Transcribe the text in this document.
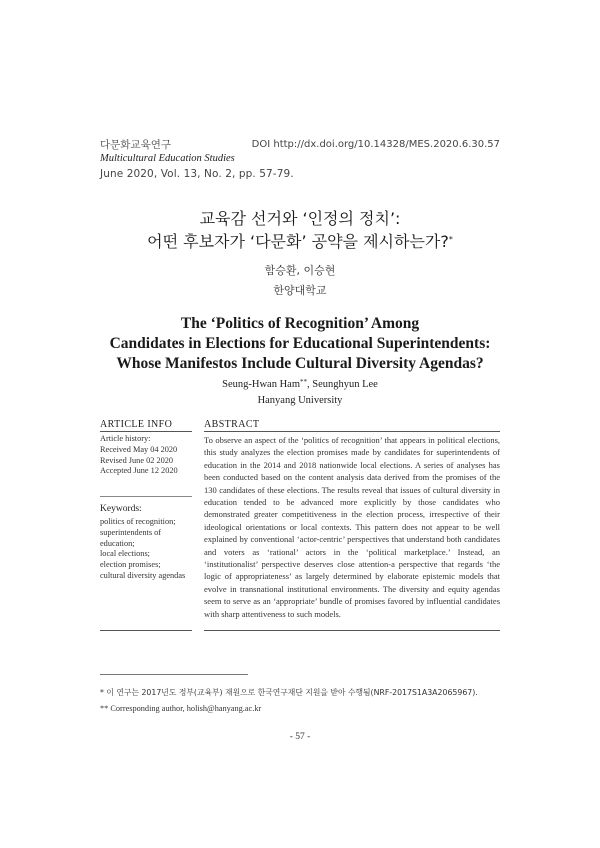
다문화교육연구

Multicultural Education Studies

June 2020, Vol. 13, No. 2, pp. 57-79.

DOI http://dx.doi.org/10.14328/MES.2020.6.30.57
교육감 선거와 ‘인정의 정치’:
어떤 후보자가 ‘다문화’ 공약을 제시하는가?*
함승환, 이승현
한양대학교
The ‘Politics of Recognition’ Among
Candidates in Elections for Educational Superintendents:
Whose Manifestos Include Cultural Diversity Agendas?
Seung-Hwan Ham**, Seunghyun Lee
Hanyang University
ARTICLE INFO	ABSTRACT

Article history:

Received May 04 2020

Revised June 02 2020

Accepted June 12 2020

Keywords:

politics of recognition;

superintendents of

education;

local elections;

election promises;

cultural diversity agendas

To observe an aspect of the ‘politics of recognition’ that appears in political elections, this study analyzes the election promises made by candidates for superintendents of education in the 2014 and 2018 nationwide local elections. A series of analyses has been conducted based on the content analysis data derived from the promises of the 130 candidates of these elections. The results reveal that issues of cultural diversity in education tended to be advanced more explicitly by those candidates who demonstrated greater competitiveness in the election process, irrespective of their ideological orientations or local contexts. This pattern does not appear to be well explained by conventional ‘actor-centric’ perspectives that understand both candidates and voters as ‘rational’ actors in the ‘political marketplace.’ Instead, an ‘institutionalist’ perspective deserves close attention-a perspective that regards ‘the logic of appropriateness’ as largely determined by elaborate epistemic models that evolve in transnational institutional environments. The diversity and equity agendas seem to serve as an ‘appropriate’ bundle of promises favored by influential candidates with sharp attentiveness to such models.

* 이 연구는 2017년도 정부(교육부) 재원으로 한국연구재단 지원을 받아 수행됨(NRF-2017S1A3A2065967).
** Corresponding author, holish@hanyang.ac.kr
- 57 -
